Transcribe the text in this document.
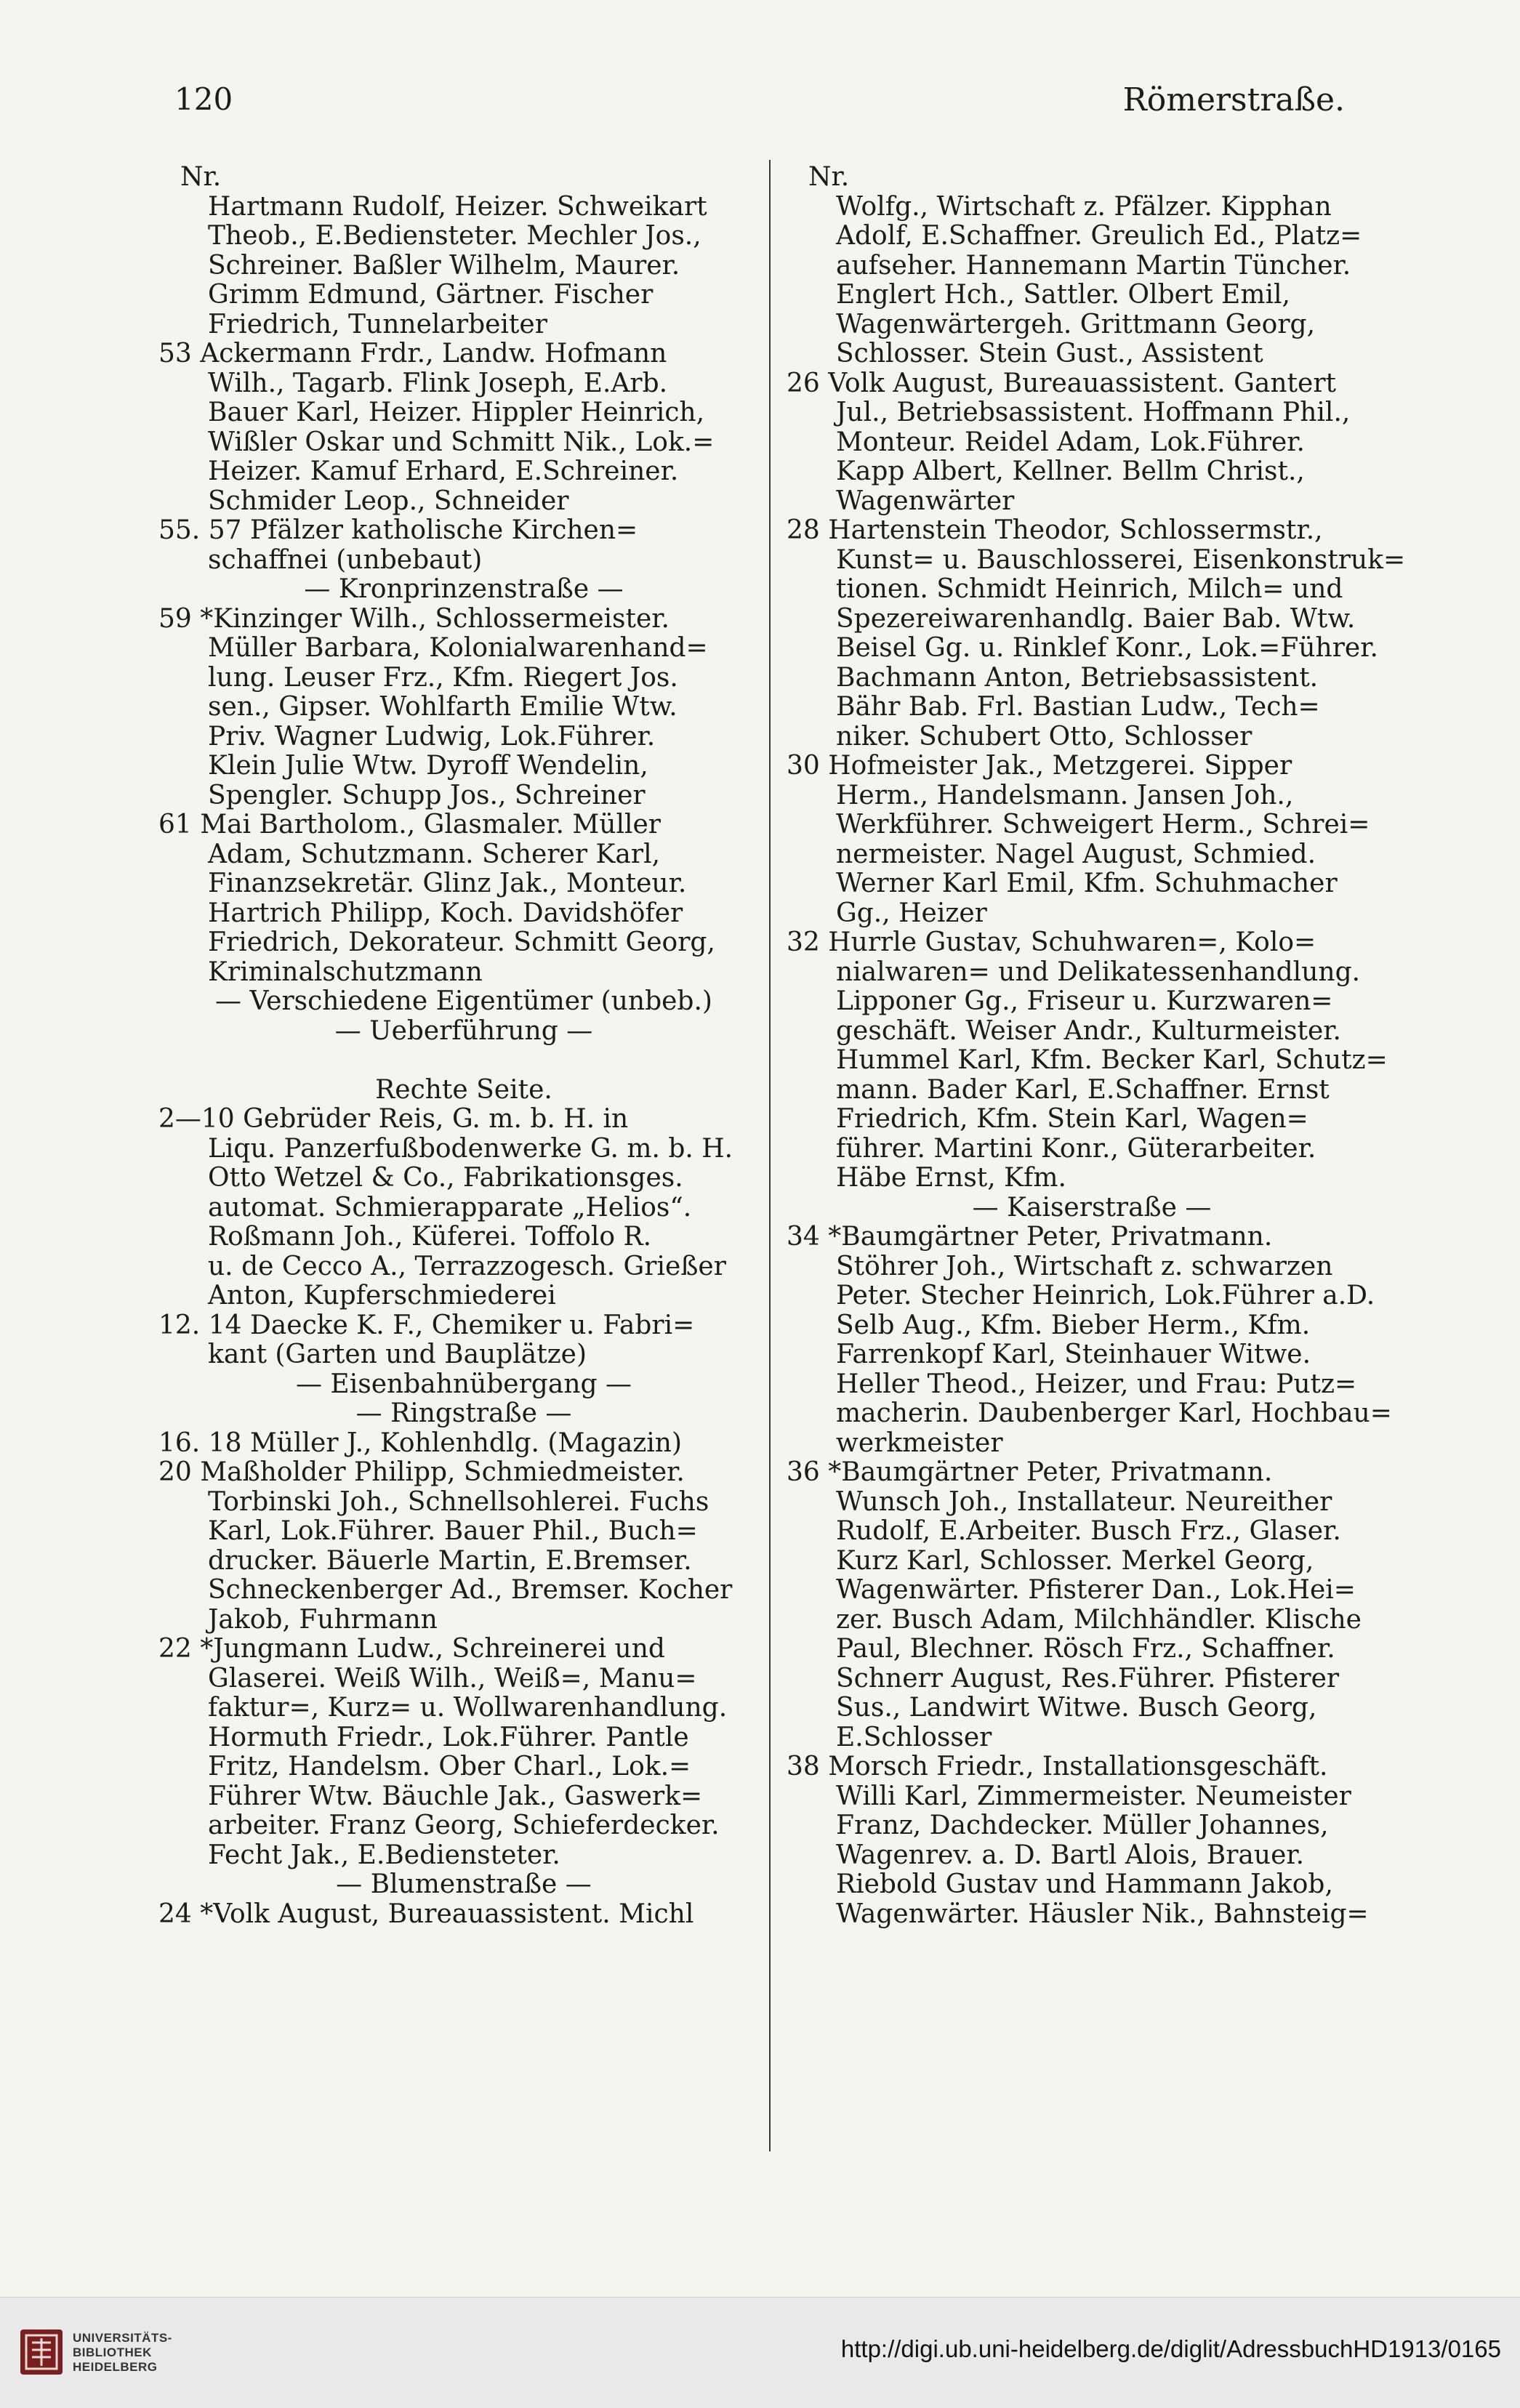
120	Römerstraße.
Nr.
Hartmann Rudolf, Heizer. Schweikart
Theob., E.Bediensteter. Mechler Jos.,
Schreiner. Baßler Wilhelm, Maurer.
Grimm Edmund, Gärtner. Fischer
Friedrich, Tunnelarbeiter
53 Ackermann Frdr., Landw. Hofmann
Wilh., Tagarb. Flink Joseph, E.Arb.
Bauer Karl, Heizer. Hippler Heinrich,
Wißler Oskar und Schmitt Nik., Lok.=
Heizer. Kamuf Erhard, E.Schreiner.
Schmider Leop., Schneider
55. 57 Pfälzer katholische Kirchen=
schaffnei (unbebaut)
— Kronprinzenstraße —
59 *Kinzinger Wilh., Schlossermeister.
Müller Barbara, Kolonialwarenhand=
lung. Leuser Frz., Kfm. Riegert Jos.
sen., Gipser. Wohlfarth Emilie Wtw.
Priv. Wagner Ludwig, Lok.Führer.
Klein Julie Wtw. Dyroff Wendelin,
Spengler. Schupp Jos., Schreiner
61 Mai Bartholom., Glasmaler. Müller
Adam, Schutzmann. Scherer Karl,
Finanzsekretär. Glinz Jak., Monteur.
Hartrich Philipp, Koch. Davidshöfer
Friedrich, Dekorateur. Schmitt Georg,
Kriminalschutzmann
— Verschiedene Eigentümer (unbeb.)
— Ueberführung —
Rechte Seite.
2—10 Gebrüder Reis, G. m. b. H. in
Liqu. Panzerfußbodenwerke G. m. b. H.
Otto Wetzel & Co., Fabrikationsges.
automat. Schmierapparate „Helios“.
Roßmann Joh., Küferei. Toffolo R.
u. de Cecco A., Terrazzogesch. Grießer
Anton, Kupferschmiederei
12. 14 Daecke K. F., Chemiker u. Fabri=
kant (Garten und Bauplätze)
— Eisenbahnübergang —
— Ringstraße —
16. 18 Müller J., Kohlenhdlg. (Magazin)
20 Maßholder Philipp, Schmiedmeister.
Torbinski Joh., Schnellsohlerei. Fuchs
Karl, Lok.Führer. Bauer Phil., Buch=
drucker. Bäuerle Martin, E.Bremser.
Schneckenberger Ad., Bremser. Kocher
Jakob, Fuhrmann
22 *Jungmann Ludw., Schreinerei und
Glaserei. Weiß Wilh., Weiß=, Manu=
faktur=, Kurz= u. Wollwarenhandlung.
Hormuth Friedr., Lok.Führer. Pantle
Fritz, Handelsm. Ober Charl., Lok.=
Führer Wtw. Bäuchle Jak., Gaswerk=
arbeiter. Franz Georg, Schieferdecker.
Fecht Jak., E.Bediensteter.
— Blumenstraße —
24 *Volk August, Bureauassistent. Michl
Nr.
Wolfg., Wirtschaft z. Pfälzer. Kipphan
Adolf, E.Schaffner. Greulich Ed., Platz=
aufseher. Hannemann Martin Tüncher.
Englert Hch., Sattler. Olbert Emil,
Wagenwärtergeh. Grittmann Georg,
Schlosser. Stein Gust., Assistent
26 Volk August, Bureauassistent. Gantert
Jul., Betriebsassistent. Hoffmann Phil.,
Monteur. Reidel Adam, Lok.Führer.
Kapp Albert, Kellner. Bellm Christ.,
Wagenwärter
28 Hartenstein Theodor, Schlossermstr.,
Kunst= u. Bauschlosserei, Eisenkonstruk=
tionen. Schmidt Heinrich, Milch= und
Spezereiwarenhandlg. Baier Bab. Wtw.
Beisel Gg. u. Rinklef Konr., Lok.=Führer.
Bachmann Anton, Betriebsassistent.
Bähr Bab. Frl. Bastian Ludw., Tech=
niker. Schubert Otto, Schlosser
30 Hofmeister Jak., Metzgerei. Sipper
Herm., Handelsmann. Jansen Joh.,
Werkführer. Schweigert Herm., Schrei=
nermeister. Nagel August, Schmied.
Werner Karl Emil, Kfm. Schuhmacher
Gg., Heizer
32 Hurrle Gustav, Schuhwaren=, Kolo=
nialwaren= und Delikatessenhandlung.
Lipponer Gg., Friseur u. Kurzwaren=
geschäft. Weiser Andr., Kulturmeister.
Hummel Karl, Kfm. Becker Karl, Schutz=
mann. Bader Karl, E.Schaffner. Ernst
Friedrich, Kfm. Stein Karl, Wagen=
führer. Martini Konr., Güterarbeiter.
Häbe Ernst, Kfm.
— Kaiserstraße —
34 *Baumgärtner Peter, Privatmann.
Stöhrer Joh., Wirtschaft z. schwarzen
Peter. Stecher Heinrich, Lok.Führer a.D.
Selb Aug., Kfm. Bieber Herm., Kfm.
Farrenkopf Karl, Steinhauer Witwe.
Heller Theod., Heizer, und Frau: Putz=
macherin. Daubenberger Karl, Hochbau=
werkmeister
36 *Baumgärtner Peter, Privatmann.
Wunsch Joh., Installateur. Neureither
Rudolf, E.Arbeiter. Busch Frz., Glaser.
Kurz Karl, Schlosser. Merkel Georg,
Wagenwärter. Pfisterer Dan., Lok.Hei=
zer. Busch Adam, Milchhändler. Klische
Paul, Blechner. Rösch Frz., Schaffner.
Schnerr August, Res.Führer. Pfisterer
Sus., Landwirt Witwe. Busch Georg,
E.Schlosser
38 Morsch Friedr., Installationsgeschäft.
Willi Karl, Zimmermeister. Neumeister
Franz, Dachdecker. Müller Johannes,
Wagenrev. a. D. Bartl Alois, Brauer.
Riebold Gustav und Hammann Jakob,
Wagenwärter. Häusler Nik., Bahnsteig=
UNIVERSITÄTS-
BIBLIOTHEK
HEIDELBERG
http://digi.ub.uni-heidelberg.de/diglit/AdressbuchHD1913/0165
